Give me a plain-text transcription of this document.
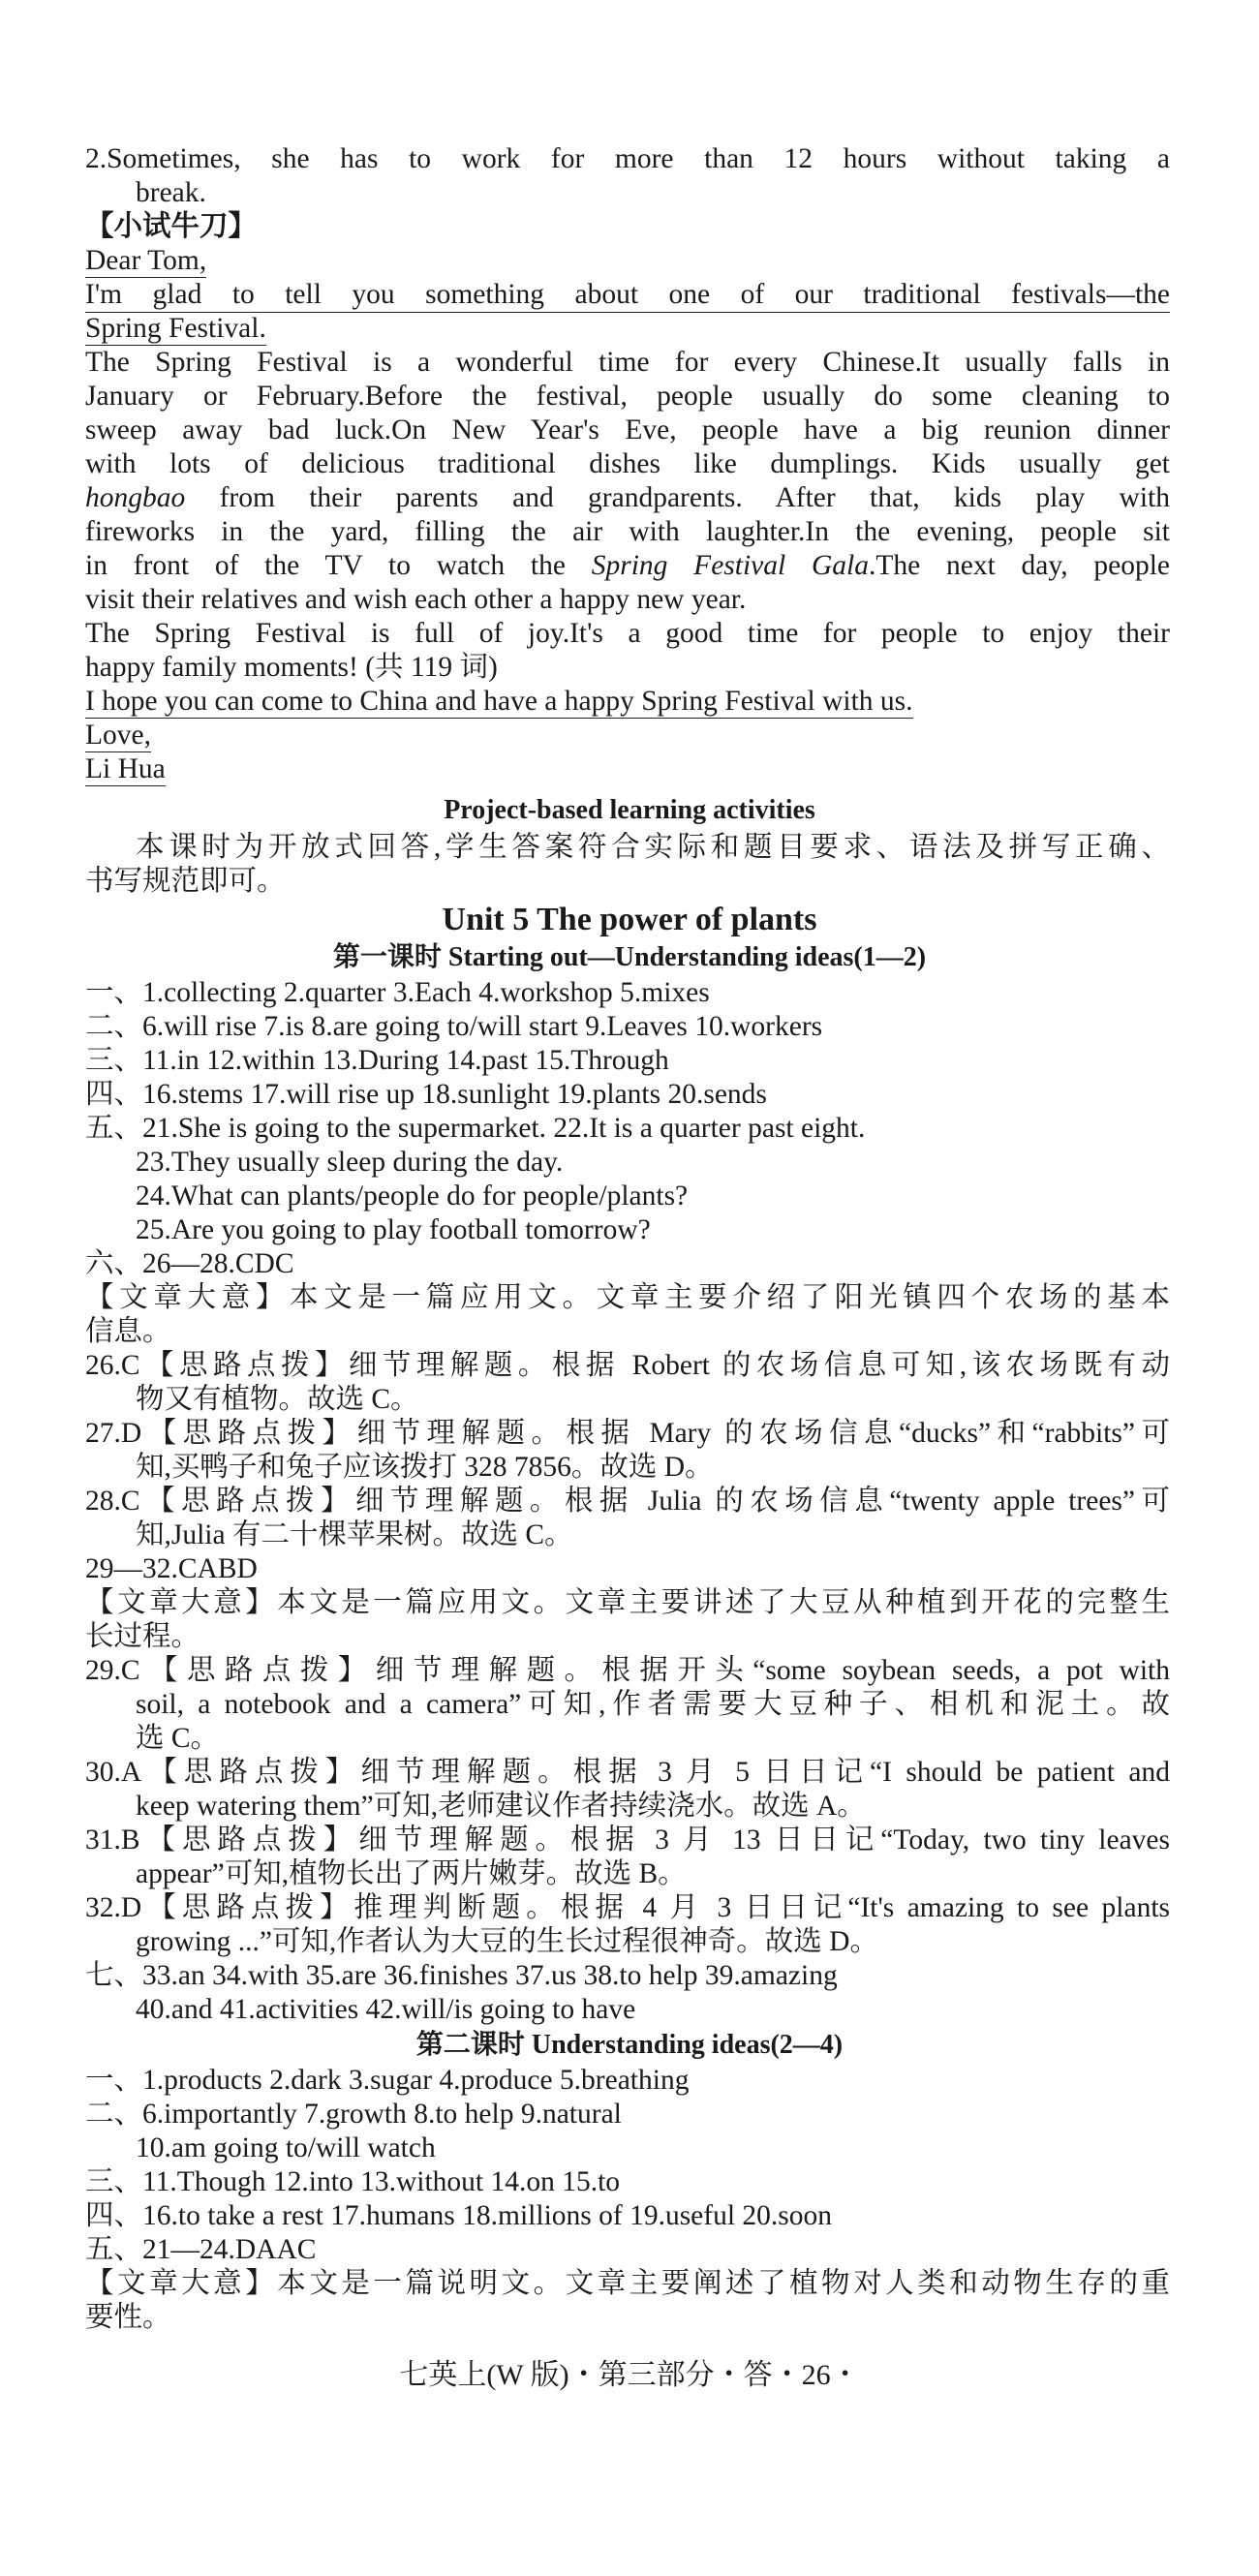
2.Sometimes, she has to work for more than 12 hours without taking a
break.
【小试牛刀】
Dear Tom,
I'm glad to tell you something about one of our traditional festivals—the
Spring Festival.
The Spring Festival is a wonderful time for every Chinese.It usually falls in
January or February.Before the festival, people usually do some cleaning to
sweep away bad luck.On New Year's Eve, people have a big reunion dinner
with lots of delicious traditional dishes like dumplings. Kids usually get
hongbao from their parents and grandparents. After that, kids play with
fireworks in the yard, filling the air with laughter.In the evening, people sit
in front of the TV to watch the Spring Festival Gala.The next day, people
visit their relatives and wish each other a happy new year.
The Spring Festival is full of joy.It's a good time for people to enjoy their
happy family moments! (共 119 词)
I hope you can come to China and have a happy Spring Festival with us.
Love,
Li Hua
Project-based learning activities
本课时为开放式回答,学生答案符合实际和题目要求、语法及拼写正确、
书写规范即可。
Unit 5 The power of plants
第一课时 Starting out—Understanding ideas(1—2)
一、1.collecting 2.quarter 3.Each 4.workshop 5.mixes
二、6.will rise 7.is 8.are going to/will start 9.Leaves 10.workers
三、11.in 12.within 13.During 14.past 15.Through
四、16.stems 17.will rise up 18.sunlight 19.plants 20.sends
五、21.She is going to the supermarket. 22.It is a quarter past eight.
23.They usually sleep during the day.
24.What can plants/people do for people/plants?
25.Are you going to play football tomorrow?
六、26—28.CDC
【文章大意】本文是一篇应用文。文章主要介绍了阳光镇四个农场的基本
信息。
26.C【思路点拨】细节理解题。根据 Robert 的农场信息可知,该农场既有动
物又有植物。故选 C。
27.D【思路点拨】细节理解题。根据 Mary 的农场信息“ducks”和“rabbits”可
知,买鸭子和兔子应该拨打 328 7856。故选 D。
28.C【思路点拨】细节理解题。根据 Julia 的农场信息“twenty apple trees”可
知,Julia 有二十棵苹果树。故选 C。
29—32.CABD
【文章大意】本文是一篇应用文。文章主要讲述了大豆从种植到开花的完整生
长过程。
29.C【思路点拨】细节理解题。根据开头“some soybean seeds, a pot with
soil, a notebook and a camera”可知,作者需要大豆种子、相机和泥土。故
选 C。
30.A【思路点拨】细节理解题。根据 3 月 5 日日记“I should be patient and
keep watering them”可知,老师建议作者持续浇水。故选 A。
31.B【思路点拨】细节理解题。根据 3 月 13 日日记“Today, two tiny leaves
appear”可知,植物长出了两片嫩芽。故选 B。
32.D【思路点拨】推理判断题。根据 4 月 3 日日记“It's amazing to see plants
growing ...”可知,作者认为大豆的生长过程很神奇。故选 D。
七、33.an 34.with 35.are 36.finishes 37.us 38.to help 39.amazing
40.and 41.activities 42.will/is going to have
第二课时 Understanding ideas(2—4)
一、1.products 2.dark 3.sugar 4.produce 5.breathing
二、6.importantly 7.growth 8.to help 9.natural
10.am going to/will watch
三、11.Though 12.into 13.without 14.on 15.to
四、16.to take a rest 17.humans 18.millions of 19.useful 20.soon
五、21—24.DAAC
【文章大意】本文是一篇说明文。文章主要阐述了植物对人类和动物生存的重
要性。
七英上(W 版)・第三部分・答・26・
